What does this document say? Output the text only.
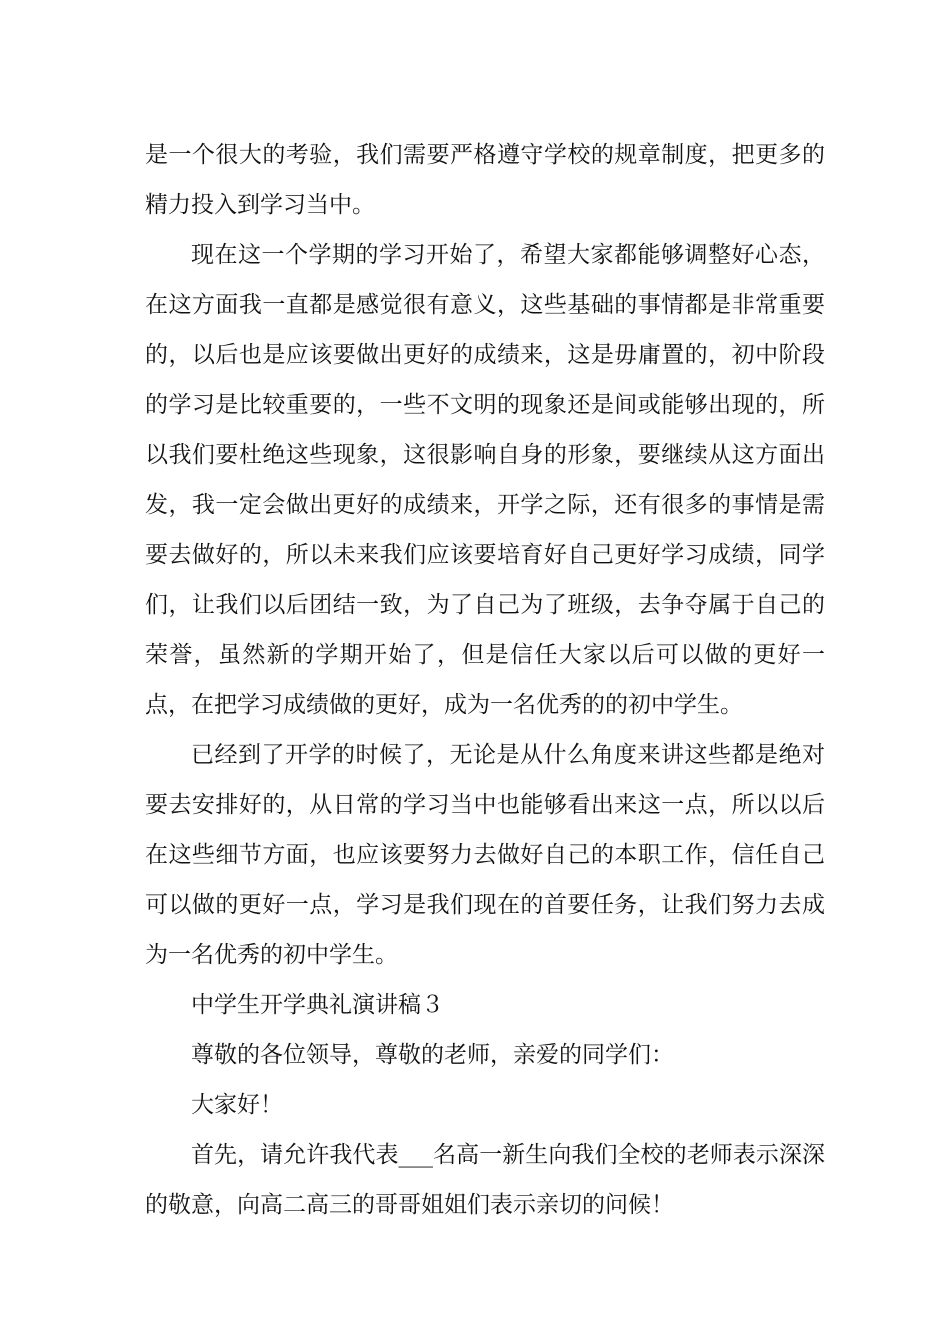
是一个很大的考验，我们需要严格遵守学校的规章制度，把更多的精力投入到学习当中。

现在这一个学期的学习开始了，希望大家都能够调整好心态，在这方面我一直都是感觉很有意义，这些基础的事情都是非常重要的，以后也是应该要做出更好的成绩来，这是毋庸置的，初中阶段的学习是比较重要的，一些不文明的现象还是间或能够出现的，所以我们要杜绝这些现象，这很影响自身的形象，要继续从这方面出发，我一定会做出更好的成绩来，开学之际，还有很多的事情是需要去做好的，所以未来我们应该要培育好自己更好学习成绩，同学们，让我们以后团结一致，为了自己为了班级，去争夺属于自己的荣誉，虽然新的学期开始了，但是信任大家以后可以做的更好一点，在把学习成绩做的更好，成为一名优秀的的初中学生。

已经到了开学的时候了，无论是从什么角度来讲这些都是绝对要去安排好的，从日常的学习当中也能够看出来这一点，所以以后在这些细节方面，也应该要努力去做好自己的本职工作，信任自己可以做的更好一点，学习是我们现在的首要任务，让我们努力去成为一名优秀的初中学生。

中学生开学典礼演讲稿３

尊敬的各位领导，尊敬的老师，亲爱的同学们：

大家好！

首先，请允许我代表___名高一新生向我们全校的老师表示深深的敬意，向高二高三的哥哥姐姐们表示亲切的问候！
